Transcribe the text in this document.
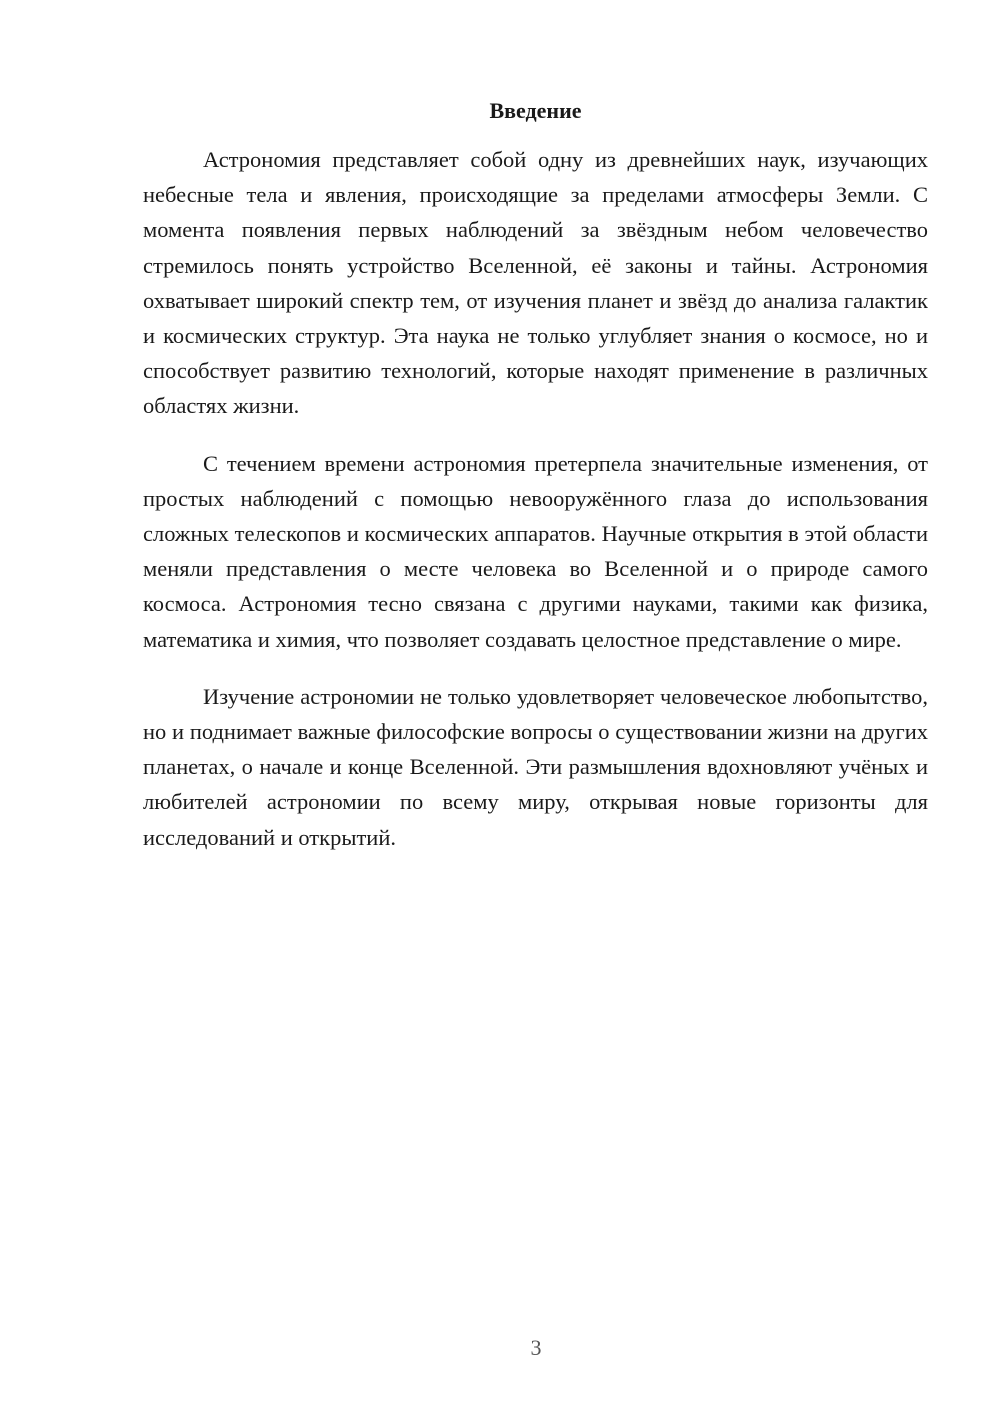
Введение

Астрономия представляет собой одну из древнейших наук, изучающих небесные тела и явления, происходящие за пределами атмосферы Земли. С момента появления первых наблюдений за звёздным небом человечество стремилось понять устройство Вселенной, её законы и тайны. Астрономия охватывает широкий спектр тем, от изучения планет и звёзд до анализа галактик и космических структур. Эта наука не только углубляет знания о космосе, но и способствует развитию технологий, которые находят применение в различных областях жизни.

С течением времени астрономия претерпела значительные изменения, от простых наблюдений с помощью невооружённого глаза до использования сложных телескопов и космических аппаратов. Научные открытия в этой области меняли представления о месте человека во Вселенной и о природе самого космоса. Астрономия тесно связана с другими науками, такими как физика, математика и химия, что позволяет создавать целостное представление о мире.

Изучение астрономии не только удовлетворяет человеческое любопытство, но и поднимает важные философские вопросы о существовании жизни на других планетах, о начале и конце Вселенной. Эти размышления вдохновляют учёных и любителей астрономии по всему миру, открывая новые горизонты для исследований и открытий.

3
